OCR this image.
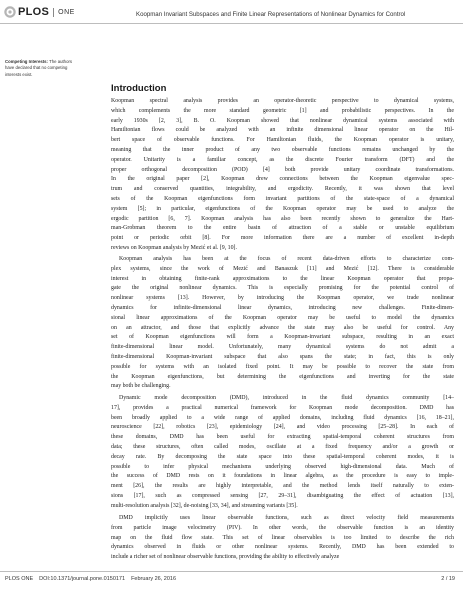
PLOS ONE	Koopman Invariant Subspaces and Finite Linear Representations of Nonlinear Dynamics for Control
Competing Interests: The authors have declared that no competing interests exist.
Introduction
Koopman spectral analysis provides an operator-theoretic perspective to dynamical systems,
which complements the more standard geometric [1] and probabilistic perspectives. In the
early 1930s [2, 3], B. O. Koopman showed that nonlinear dynamical systems associated with
Hamiltonian flows could be analyzed with an infinite dimensional linear operator on the Hil-
bert space of observable functions. For Hamiltonian fluids, the Koopman operator is unitary,
meaning that the inner product of any two observable functions remains unchanged by the
operator. Unitarity is a familiar concept, as the discrete Fourier transform (DFT) and the
proper orthogonal decomposition (POD) [4] both provide unitary coordinate transformations.
In the original paper [2], Koopman drew connections between the Koopman eigenvalue spec-
trum and conserved quantities, integrability, and ergodicity. Recently, it was shown that level
sets of the Koopman eigenfunctions form invariant partitions of the state-space of a dynamical
system [5]; in particular, eigenfunctions of the Koopman operator may be used to analyze the
ergodic partition [6, 7]. Koopman analysis has also been recently shown to generalize the Hart-
man-Grobman theorem to the entire basin of attraction of a stable or unstable equilibrium
point or periodic orbit [8]. For more information there are a number of excellent in-depth
reviews on Koopman analysis by Mezić et al. [9, 10].
Koopman analysis has been at the focus of recent data-driven efforts to characterize com-
plex systems, since the work of Mezić and Banaszuk [11] and Mezić [12]. There is considerable
interest in obtaining finite-rank approximations to the linear Koopman operator that propa-
gate the original nonlinear dynamics. This is especially promising for the potential control of
nonlinear systems [13]. However, by introducing the Koopman operator, we trade nonlinear
dynamics for infinite-dimensional linear dynamics, introducing new challenges. Finite-dimen-
sional linear approximations of the Koopman operator may be useful to model the dynamics
on an attractor, and those that explicitly advance the state may also be useful for control. Any
set of Koopman eigenfunctions will form a Koopman-invariant subspace, resulting in an exact
finite-dimensional linear model. Unfortunately, many dynamical systems do not admit a
finite-dimensional Koopman-invariant subspace that also spans the state; in fact, this is only
possible for systems with an isolated fixed point. It may be possible to recover the state from
the Koopman eigenfunctions, but determining the eigenfunctions and inverting for the state
may both be challenging.
Dynamic mode decomposition (DMD), introduced in the fluid dynamics community [14–
17], provides a practical numerical framework for Koopman mode decomposition. DMD has
been broadly applied to a wide range of applied domains, including fluid dynamics [16, 18–21],
neuroscience [22], robotics [23], epidemiology [24], and video processing [25–28]. In each of
these domains, DMD has been useful for extracting spatial-temporal coherent structures from
data; these structures, often called modes, oscillate at a fixed frequency and/or a growth or
decay rate. By decomposing the state space into these spatial-temporal coherent modes, it is
possible to infer physical mechanisms underlying observed high-dimensional data. Much of
the success of DMD rests on it foundations in linear algebra, as the procedure is easy to imple-
ment [26], the results are highly interpretable, and the method lends itself naturally to exten-
sions [17], such as compressed sensing [27, 29–31], disambiguating the effect of actuation [13],
multi-resolution analysis [32], de-noising [33, 34], and streaming variants [35].
DMD implicitly uses linear observable functions, such as direct velocity field measurements
from particle image velocimetry (PIV). In other words, the observable function is an identity
map on the fluid flow state. This set of linear observables is too limited to describe the rich
dynamics observed in fluids or other nonlinear systems. Recently, DMD has been extended to
include a richer set of nonlinear observable functions, providing the ability to effectively analyze
PLOS ONE DOI:10.1371/journal.pone.0150171 February 26, 2016	2 / 19
